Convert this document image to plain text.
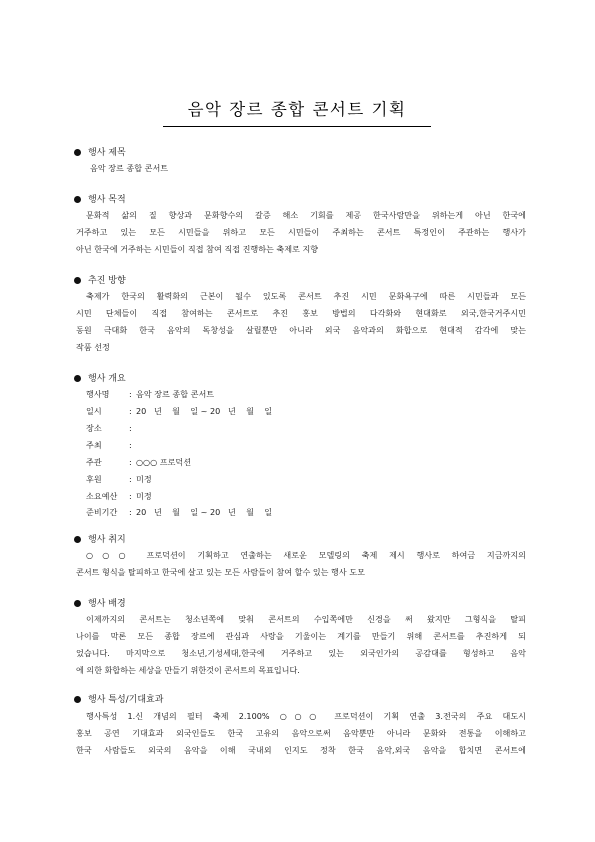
음악 장르 종합 콘서트 기획
행사 제목
음악 장르 종합 콘서트
행사 목적
문화적 삶의 질 향상과 문화향수의 갈증 해소 기회를 제공 한국사람만을 위하는게 아닌 한국에
거주하고 있는 모든 시민들을 위하고 모든 시민들이 주최하는 콘서트 특정인이 주관하는 행사가
아닌 한국에 거주하는 시민들이 직접 참여 직접 진행하는 축제로 지향
추진 방향
축제가 한국의 활력화의 근본이 될수 있도록 콘서트 추진 시민 문화욕구에 따른 시민들과 모든
시민 단체들이 직접 참여하는 콘서트로 추진 홍보 방법의 다각화와 현대화로 외국,한국거주시민
동원 극대화 한국 음악의 독창성을 살릴뿐만 아니라 외국 음악과의 화합으로 현대적 감각에 맞는
작품 선정
행사 개요
행사명	: 음악 장르 종합 콘서트
일시	: 20   년    월    일 ~ 20   년    월    일
장소	:
주최	:
주관	: ○○○ 프로덕션
후원	: 미정
소요예산	: 미정
준비기간	: 20   년    월    일 ~ 20   년    월    일
행사 취지
○○○ 프로덕션이 기획하고 연출하는 새로운 모델링의 축제 제시 행사로 하여금 지금까지의
콘서트 형식을 탈피하고 한국에 살고 있는 모든 사람들이 참여 할수 있는 행사 도모
행사 배경
이제까지의 콘서트는 청소년쪽에 맞춰 콘서트의 수입쪽에만 신경을 써 왔지만 그형식을 탈피
나이를 막론 모든 종합 장르에 관심과 사랑을 기울이는 계기를 만들기 위해 콘서트를 추진하게 되
었습니다. 마지막으로 청소년,기성세대,한국에 거주하고 있는 외국인가의 공감대를 형성하고 음악
에 의한 화합하는 세상을 만들기 위한것이 콘서트의 목표입니다.
행사 특성/기대효과
행사특성 1.신 개념의 필터 축제 2.100% ○○○ 프로덕션이 기획 연출 3.전국의 주요 대도시
홍보 공연 기대효과 외국인들도 한국 고유의 음악으로써 음악뿐만 아니라 문화와 전통을 이해하고
한국 사람들도 외국의 음악을 이해 국내외 인지도 정착 한국 음악,외국 음악을 합치면 콘서트에
